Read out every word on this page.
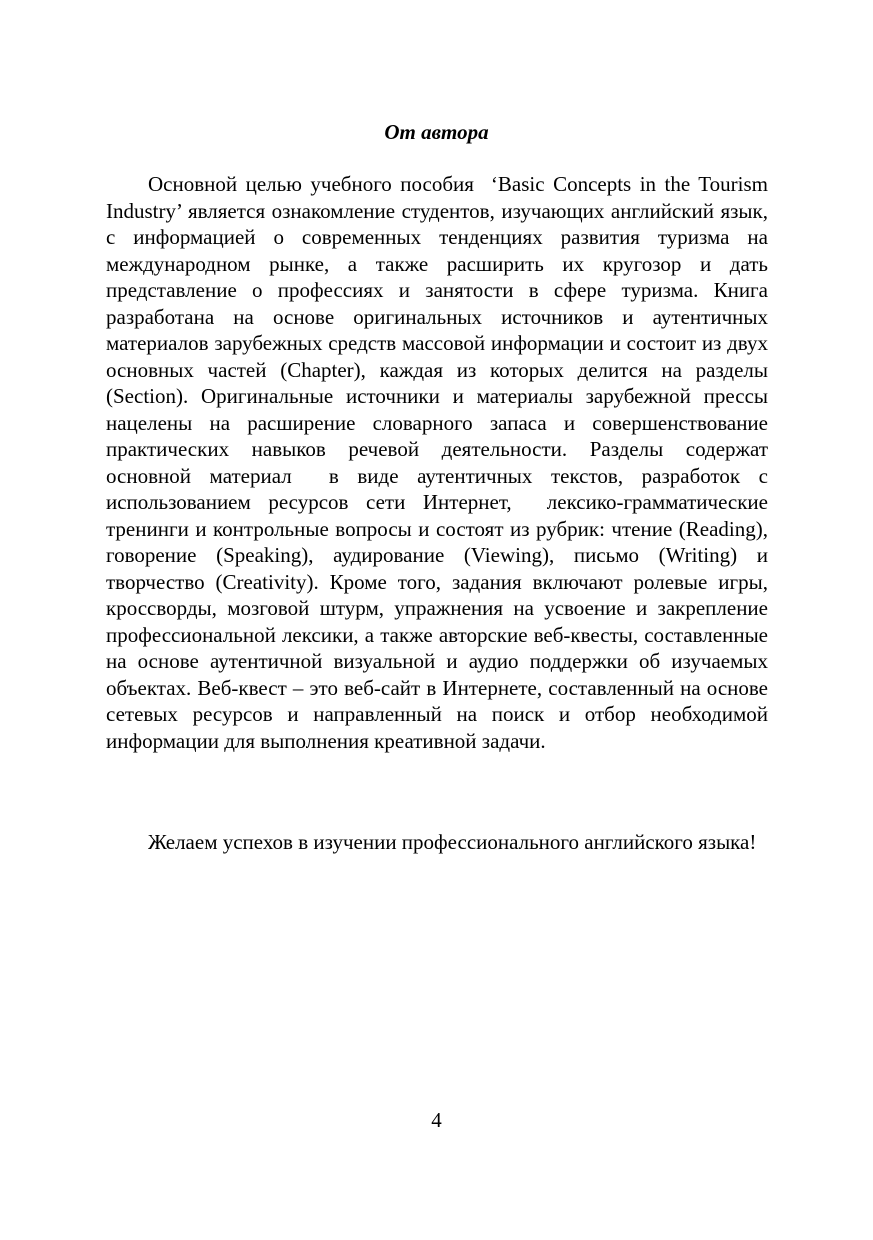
От автора

Основной целью учебного пособия  ‘Basic Concepts in the Tourism Industry’ является ознакомление студентов, изучающих английский язык, с информацией о современных тенденциях развития туризма на международном рынке, а также расширить их кругозор и дать представление о профессиях и занятости в сфере туризма. Книга разработана на основе оригинальных источников и аутентичных материалов зарубежных средств массовой информации и состоит из двух основных частей (Chapter), каждая из которых делится на разделы (Section). Оригинальные источники и материалы зарубежной прессы нацелены на расширение словарного запаса и совершенствование практических навыков речевой деятельности. Разделы содержат основной материал  в виде аутентичных текстов, разработок с использованием ресурсов сети Интернет,  лексико-грамматические тренинги и контрольные вопросы и состоят из рубрик: чтение (Reading), говорение (Speaking), аудирование (Viewing), письмо (Writing) и творчество (Creativity). Кроме того, задания включают ролевые игры, кроссворды, мозговой штурм, упражнения на усвоение и закрепление профессиональной лексики, а также авторские веб-квесты, составленные на основе аутентичной визуальной и аудио поддержки об изучаемых объектах. Веб-квест – это веб-сайт в Интернете, составленный на основе сетевых ресурсов и направленный на поиск и отбор необходимой информации для выполнения креативной задачи.

Желаем успехов в изучении профессионального английского языка!

4
